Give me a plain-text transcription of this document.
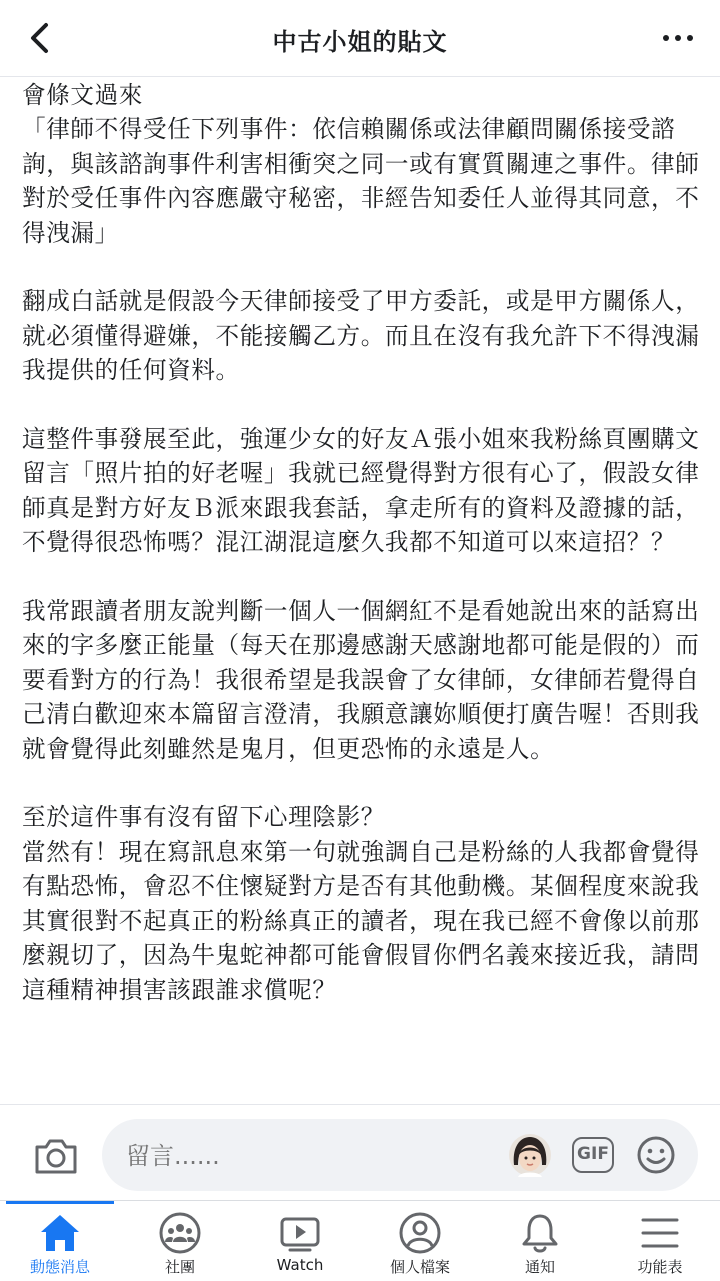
中古小姐的貼文

會條文過來
「律師不得受任下列事件：依信賴關係或法律顧問關係接受諮詢，與該諮詢事件利害相衝突之同一或有實質關連之事件。律師對於受任事件內容應嚴守秘密，非經告知委任人並得其同意，不得洩漏」

翻成白話就是假設今天律師接受了甲方委託，或是甲方關係人，就必須懂得避嫌，不能接觸乙方。而且在沒有我允許下不得洩漏我提供的任何資料。

這整件事發展至此，強運少女的好友Ａ張小姐來我粉絲頁團購文留言「照片拍的好老喔」我就已經覺得對方很有心了，假設女律師真是對方好友Ｂ派來跟我套話，拿走所有的資料及證據的話，不覺得很恐怖嗎？混江湖混這麼久我都不知道可以來這招？？

我常跟讀者朋友說判斷一個人一個網紅不是看她說出來的話寫出來的字多麼正能量（每天在那邊感謝天感謝地都可能是假的）而要看對方的行為！我很希望是我誤會了女律師，女律師若覺得自己清白歡迎來本篇留言澄清，我願意讓妳順便打廣告喔！否則我就會覺得此刻雖然是鬼月，但更恐怖的永遠是人。

至於這件事有沒有留下心理陰影？
當然有！現在寫訊息來第一句就強調自己是粉絲的人我都會覺得有點恐怖，會忍不住懷疑對方是否有其他動機。某個程度來說我其實很對不起真正的粉絲真正的讀者，現在我已經不會像以前那麼親切了，因為牛鬼蛇神都可能會假冒你們名義來接近我，請問這種精神損害該跟誰求償呢？

留言......
GIF
動態消息	社團	Watch	個人檔案	通知	功能表
